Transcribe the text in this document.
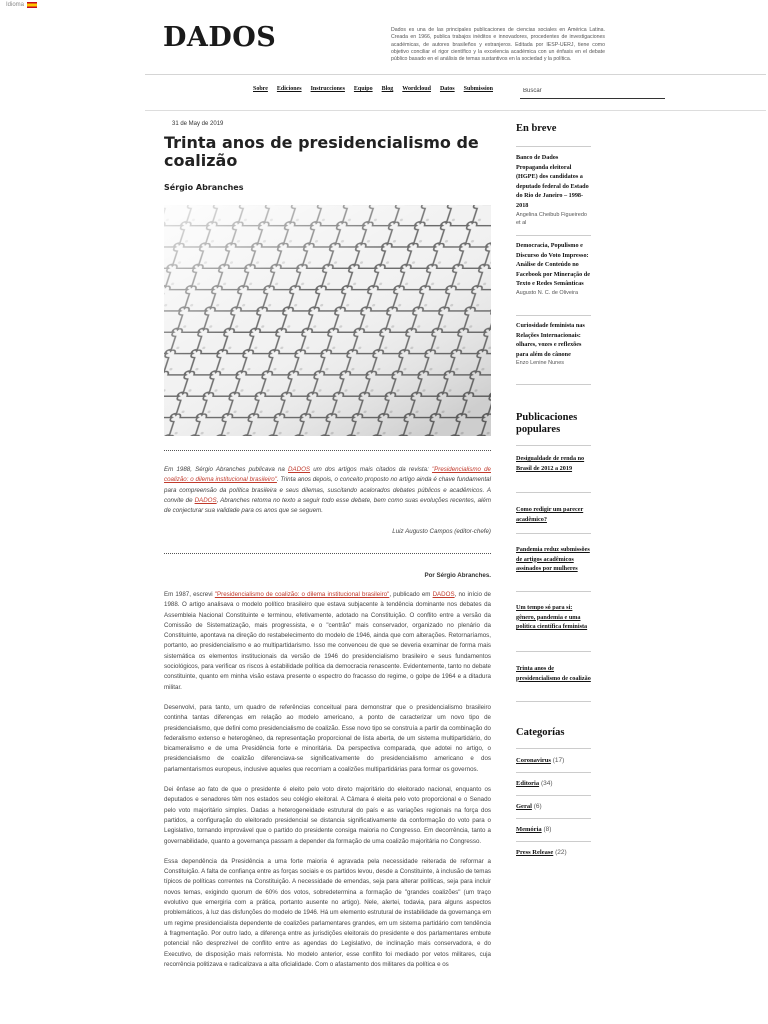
Idioma
DADOS	Dados es una de las principales publicaciones de ciencias sociales en América Latina. Creada en 1966, publica trabajos inéditos e innovadores, procedentes de investigaciones académicas, de autores brasileños y extranjeros. Editada por IESP-UERJ, tiene como objetivo conciliar el rigor científico y la excelencia académica con un énfasis en el debate público basado en el análisis de temas sustantivos en la sociedad y la política.
Sobre Ediciones Instrucciones Equipo Blog Wordcloud Datos Submission
Buscar
31 de May de 2019
Trinta anos de presidencialismo de coalizão
Sérgio Abranches
Em 1988, Sérgio Abranches publicava na DADOS um dos artigos mais citados da revista: "Presidencialismo de coalizão: o dilema institucional brasileiro". Trinta anos depois, o conceito proposto no artigo ainda é chave fundamental para compreensão da política brasileira e seus dilemas, suscitando acalorados debates públicos e acadêmicos. A convite de DADOS, Abranches retoma no texto a seguir todo esse debate, bem como suas evoluções recentes, além de conjecturar sua validade para os anos que se seguem.
Luiz Augusto Campos (editor-chefe)
Por Sérgio Abranches.

Em 1987, escrevi "Presidencialismo de coalizão: o dilema institucional brasileiro", publicado em DADOS, no início de 1988. O artigo analisava o modelo político brasileiro que estava subjacente à tendência dominante nos debates da Assembleia Nacional Constituinte e terminou, efetivamente, adotado na Constituição. O conflito entre a versão da Comissão de Sistematização, mais progressista, e o "centrão" mais conservador, organizado no plenário da Constituinte, apontava na direção do restabelecimento do modelo de 1946, ainda que com alterações. Retornaríamos, portanto, ao presidencialismo e ao multipartidarismo. Isso me convenceu de que se deveria examinar de forma mais sistemática os elementos institucionais da versão de 1946 do presidencialismo brasileiro e seus fundamentos sociológicos, para verificar os riscos à estabilidade política da democracia renascente. Evidentemente, tanto no debate constituinte, quanto em minha visão estava presente o espectro do fracasso do regime, o golpe de 1964 e a ditadura militar.

Desenvolvi, para tanto, um quadro de referências conceitual para demonstrar que o presidencialismo brasileiro continha tantas diferenças em relação ao modelo americano, a ponto de caracterizar um novo tipo de presidencialismo, que defini como presidencialismo de coalizão. Esse novo tipo se construía a partir da combinação do federalismo extenso e heterogêneo, da representação proporcional de lista aberta, de um sistema multipartidário, do bicameralismo e de uma Presidência forte e minoritária. Da perspectiva comparada, que adotei no artigo, o presidencialismo de coalizão diferenciava-se significativamente do presidencialismo americano e dos parlamentarismos europeus, inclusive aqueles que recorriam a coalizões multipartidárias para formar os governos.

Dei ênfase ao fato de que o presidente é eleito pelo voto direto majoritário do eleitorado nacional, enquanto os deputados e senadores têm nos estados seu colégio eleitoral. A Câmara é eleita pelo voto proporcional e o Senado pelo voto majoritário simples. Dadas a heterogeneidade estrutural do país e as variações regionais na força dos partidos, a configuração do eleitorado presidencial se distancia significativamente da conformação do voto para o Legislativo, tornando improvável que o partido do presidente consiga maioria no Congresso. Em decorrência, tanto a governabilidade, quanto a governança passam a depender da formação de uma coalizão majoritária no Congresso.

Essa dependência da Presidência a uma forte maioria é agravada pela necessidade reiterada de reformar a Constituição. A falta de confiança entre as forças sociais e os partidos levou, desde a Constituinte, à inclusão de temas típicos de políticas correntes na Constituição. A necessidade de emendas, seja para alterar políticas, seja para incluir novos temas, exigindo quorum de 60% dos votos, sobredetermina a formação de "grandes coalizões" (um traço evolutivo que emergiria com a prática, portanto ausente no artigo). Nele, alertei, todavia, para alguns aspectos problemáticos, à luz das disfunções do modelo de 1946. Há um elemento estrutural de instabilidade da governança em um regime presidencialista dependente de coalizões parlamentares grandes, em um sistema partidário com tendência à fragmentação. Por outro lado, a diferença entre as jurisdições eleitorais do presidente e dos parlamentares embute potencial não desprezível de conflito entre as agendas do Legislativo, de inclinação mais conservadora, e do Executivo, de disposição mais reformista. No modelo anterior, esse conflito foi mediado por vetos militares, cuja recorrência politizava e radicalizava a alta oficialidade. Com o afastamento dos militares da política e os

En breve
Banco de Dados Propaganda eleitoral (HGPE) dos candidatos a deputado federal do Estado do Rio de Janeiro – 1998-2018
Angelina Cheibub Figueiredo et al
Democracia, Populismo e Discurso do Voto Impresso: Análise de Conteúdo no Facebook por Mineração de Texto e Redes Semânticas
Augusto N. C. de Oliveira
Curiosidade feminista nas Relações Internacionais: olhares, vozes e reflexões para além do cânone
Enzo Lenine Nunes
Publicaciones populares
Desigualdade de renda no Brasil de 2012 a 2019
Como redigir um parecer acadêmico?
Pandemia reduz submissões de artigos acadêmicos assinados por mulheres
Um tempo só para si: gênero, pandemia e uma política científica feminista
Trinta anos de presidencialismo de coalizão
Categorías
Coronavirus (17)
Editoria (34)
Geral (6)
Memória (8)
Press Release (22)
